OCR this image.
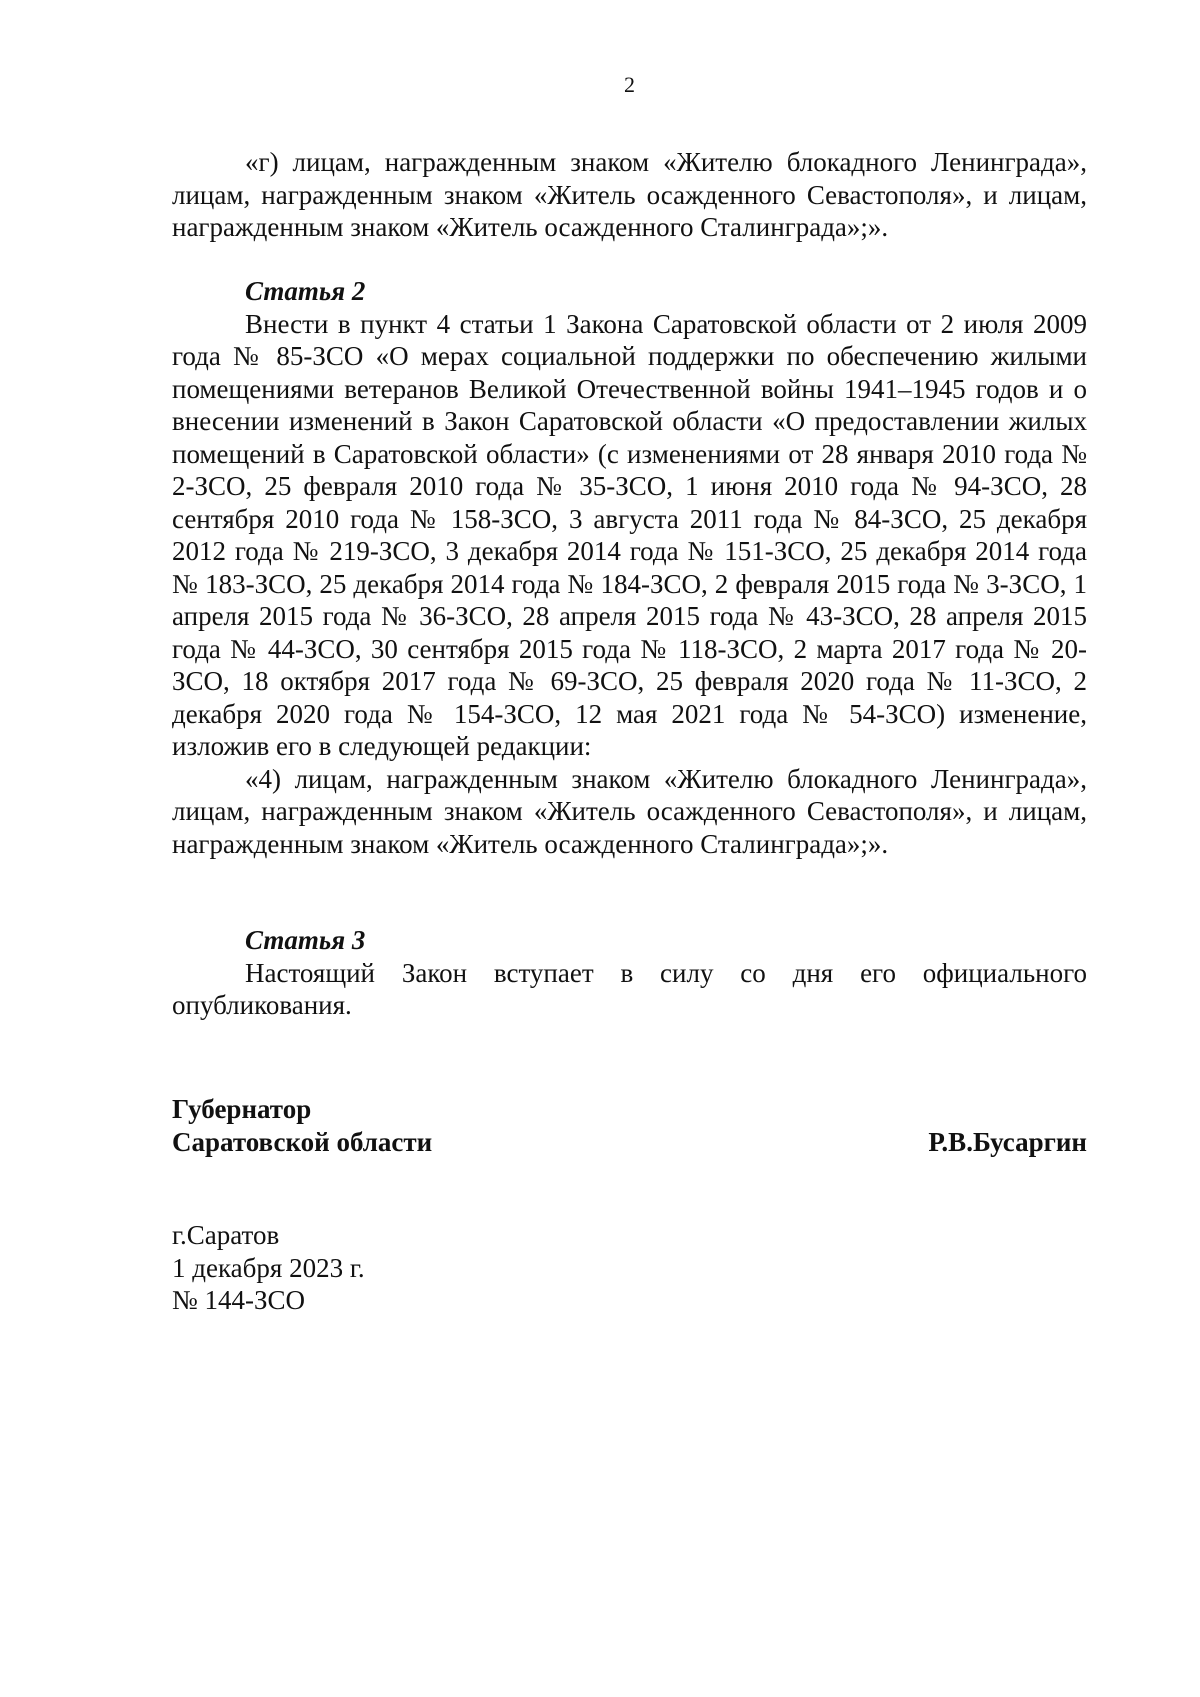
2

«г) лицам, награжденным знаком «Жителю блокадного Ленинграда», лицам, награжденным знаком «Житель осажденного Севастополя», и лицам, награжденным знаком «Житель осажденного Сталинграда»;».

Статья 2

Внести в пункт 4 статьи 1 Закона Саратовской области от 2 июля 2009 года № 85-ЗСО «О мерах социальной поддержки по обеспечению жилыми помещениями ветеранов Великой Отечественной войны 1941–1945 годов и о внесении изменений в Закон Саратовской области «О предоставлении жилых помещений в Саратовской области» (с изменениями от 28 января 2010 года № 2-ЗСО, 25 февраля 2010 года № 35-ЗСО, 1 июня 2010 года № 94-ЗСО, 28 сентября 2010 года № 158-ЗСО, 3 августа 2011 года № 84-ЗСО, 25 декабря 2012 года № 219-ЗСО, 3 декабря 2014 года № 151-ЗСО, 25 декабря 2014 года № 183-ЗСО, 25 декабря 2014 года № 184-ЗСО, 2 февраля 2015 года № 3-ЗСО, 1 апреля 2015 года № 36-ЗСО, 28 апреля 2015 года № 43-ЗСО, 28 апреля 2015 года № 44-ЗСО, 30 сентября 2015 года № 118-ЗСО, 2 марта 2017 года № 20-ЗСО, 18 октября 2017 года № 69-ЗСО, 25 февраля 2020 года № 11-ЗСО, 2 декабря 2020 года № 154-ЗСО, 12 мая 2021 года № 54-ЗСО) изменение, изложив его в следующей редакции:

«4) лицам, награжденным знаком «Жителю блокадного Ленинграда», лицам, награжденным знаком «Житель осажденного Севастополя», и лицам, награжденным знаком «Житель осажденного Сталинграда»;».

Статья 3

Настоящий Закон вступает в силу со дня его официального опубликования.

Губернатор

Саратовской области	Р.В.Бусаргин

г.Саратов

1 декабря 2023 г.

№ 144-ЗСО
